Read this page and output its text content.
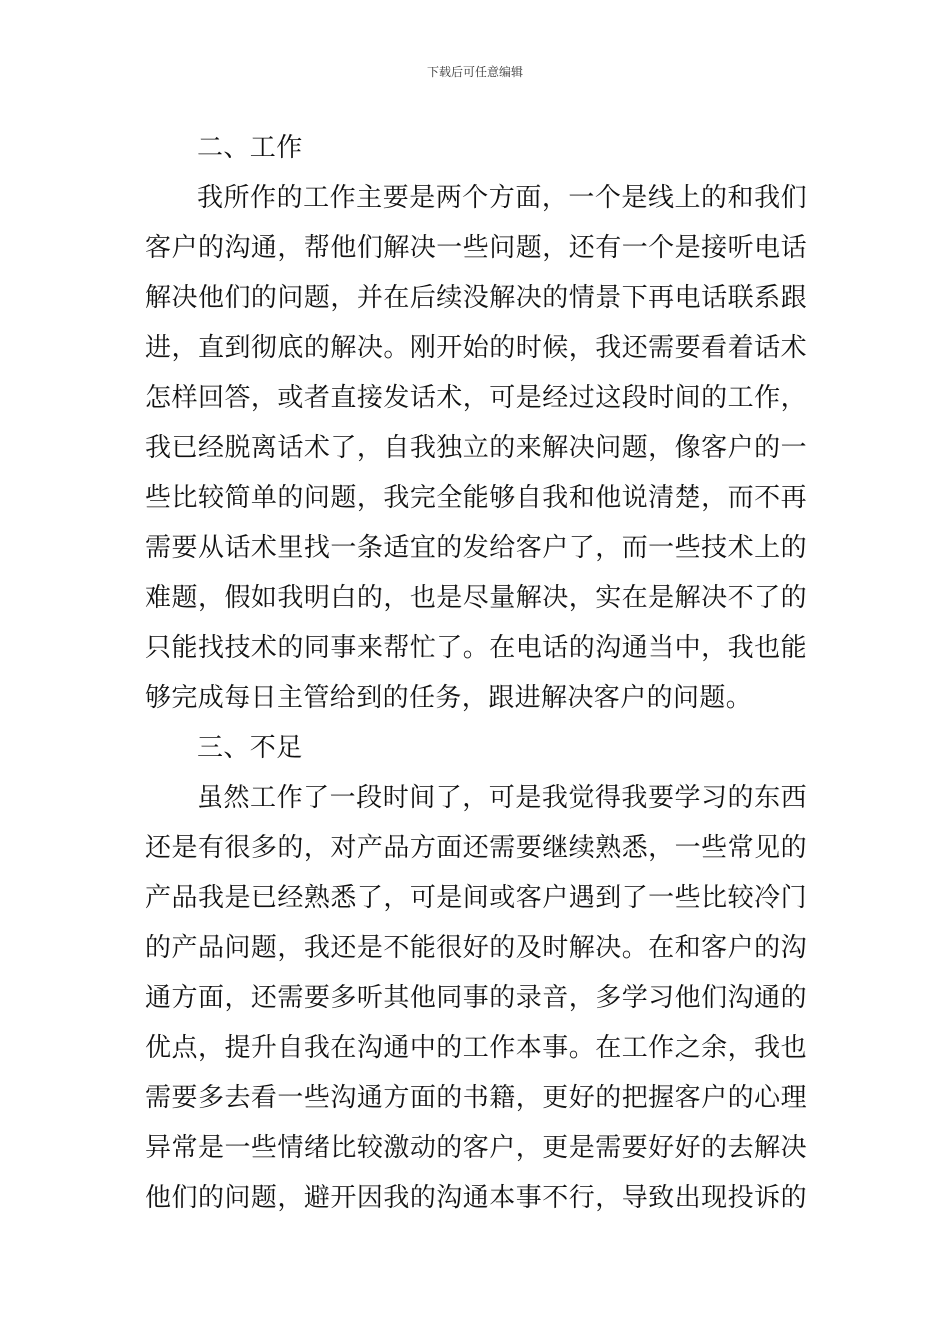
下载后可任意编辑
二、工作
我所作的工作主要是两个方面，一个是线上的和我们
客户的沟通，帮他们解决一些问题，还有一个是接听电话
解决他们的问题，并在后续没解决的情景下再电话联系跟
进，直到彻底的解决。刚开始的时候，我还需要看着话术
怎样回答，或者直接发话术，可是经过这段时间的工作，
我已经脱离话术了，自我独立的来解决问题，像客户的一
些比较简单的问题，我完全能够自我和他说清楚，而不再
需要从话术里找一条适宜的发给客户了，而一些技术上的
难题，假如我明白的，也是尽量解决，实在是解决不了的
只能找技术的同事来帮忙了。在电话的沟通当中，我也能
够完成每日主管给到的任务，跟进解决客户的问题。
三、不足
虽然工作了一段时间了，可是我觉得我要学习的东西
还是有很多的，对产品方面还需要继续熟悉，一些常见的
产品我是已经熟悉了，可是间或客户遇到了一些比较冷门
的产品问题，我还是不能很好的及时解决。在和客户的沟
通方面，还需要多听其他同事的录音，多学习他们沟通的
优点，提升自我在沟通中的工作本事。在工作之余，我也
需要多去看一些沟通方面的书籍，更好的把握客户的心理
异常是一些情绪比较激动的客户，更是需要好好的去解决
他们的问题，避开因我的沟通本事不行，导致出现投诉的
